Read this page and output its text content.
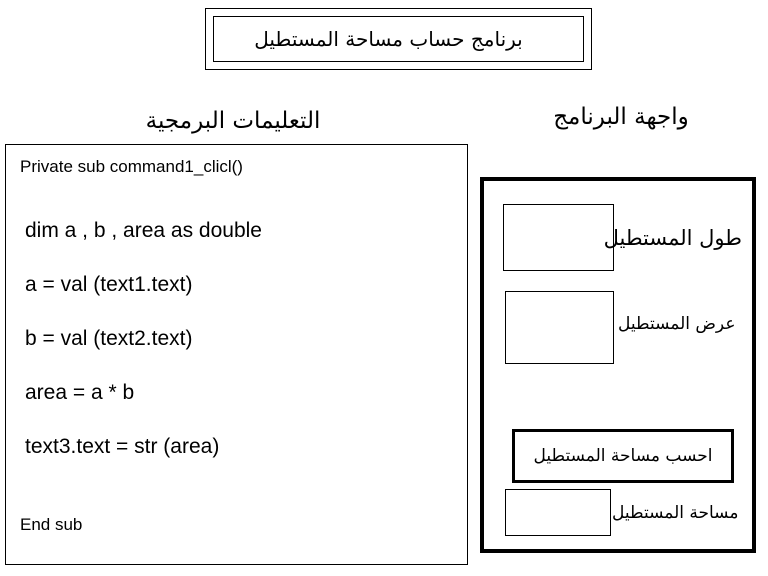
برنامج حساب مساحة المستطيل
التعليمات البرمجية	واجهة البرنامج
Private sub command1_clicl()
dim a , b , area as double
a = val (text1.text)
b = val (text2.text)
area = a * b
text3.text = str (area)
End sub
طول المستطيل
عرض المستطيل
احسب مساحة المستطيل
مساحة المستطيل
